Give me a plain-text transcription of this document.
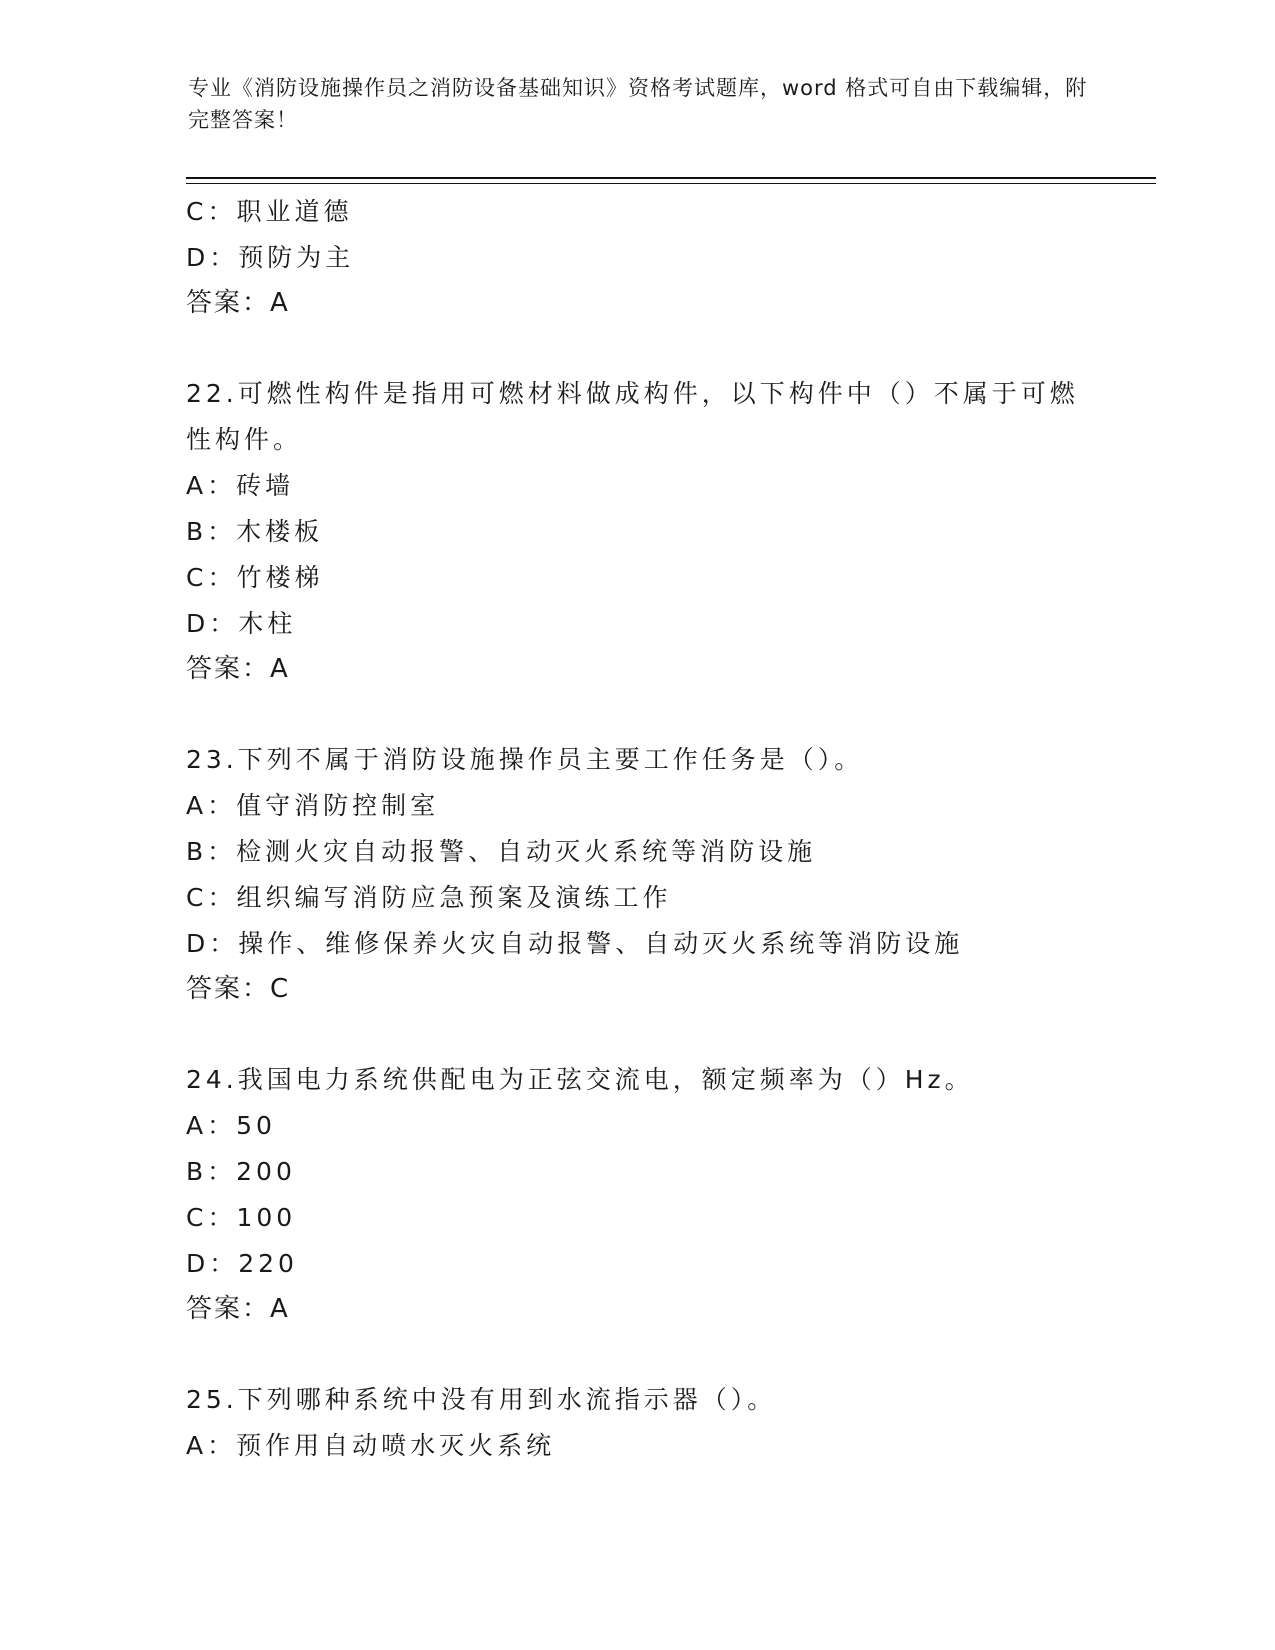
专业《消防设施操作员之消防设备基础知识》资格考试题库，word 格式可自由下载编辑，附完整答案！
C：职业道德
D：预防为主
答案：A
22.可燃性构件是指用可燃材料做成构件，以下构件中（）不属于可燃性构件。
A：砖墙
B：木楼板
C：竹楼梯
D：木柱
答案：A
23.下列不属于消防设施操作员主要工作任务是（）。
A：值守消防控制室
B：检测火灾自动报警、自动灭火系统等消防设施
C：组织编写消防应急预案及演练工作
D：操作、维修保养火灾自动报警、自动灭火系统等消防设施
答案：C
24.我国电力系统供配电为正弦交流电，额定频率为（）Hz。
A：50
B：200
C：100
D：220
答案：A
25.下列哪种系统中没有用到水流指示器（）。
A：预作用自动喷水灭火系统
